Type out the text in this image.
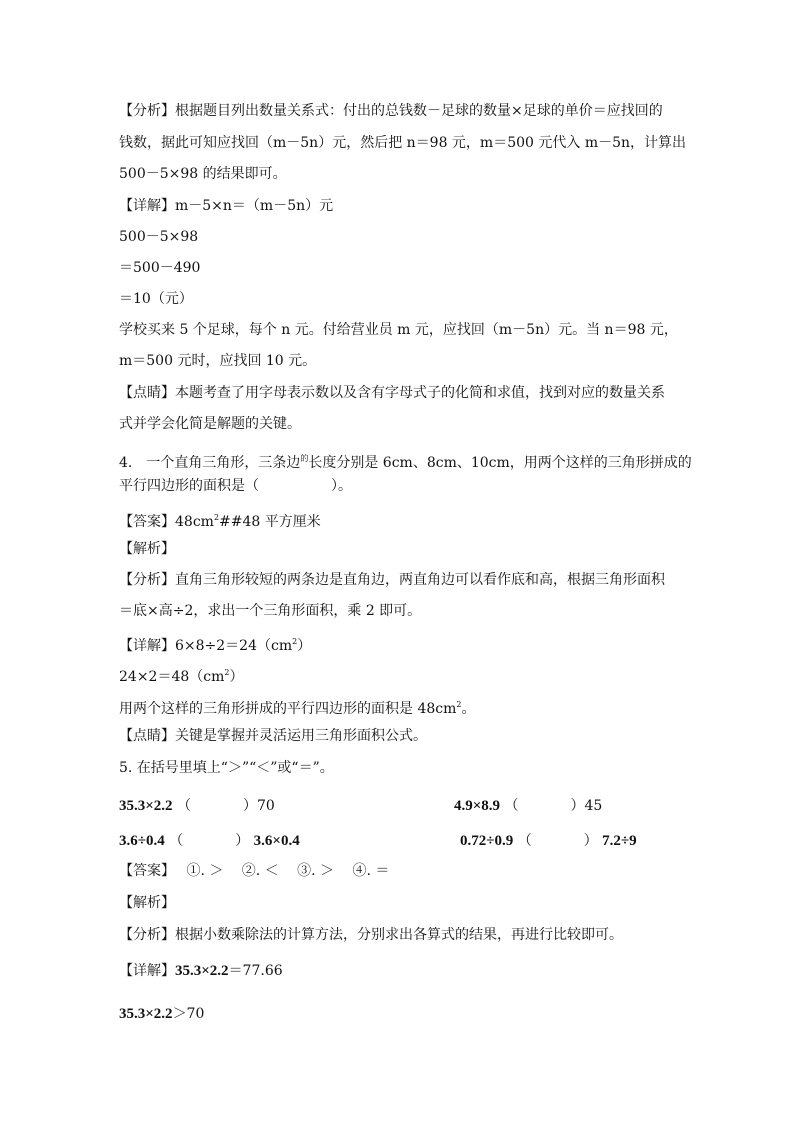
【分析】根据题目列出数量关系式：付出的总钱数－足球的数量×足球的单价＝应找回的
钱数，据此可知应找回（m－5n）元，然后把 n＝98 元，m＝500 元代入 m－5n，计算出
500－5×98 的结果即可。
【详解】m－5×n＝（m－5n）元
500－5×98
＝500－490
＝10（元）
学校买来 5 个足球，每个 n 元。付给营业员 m 元，应找回（m－5n）元。当 n＝98 元，
m＝500 元时，应找回 10 元。
【点睛】本题考查了用字母表示数以及含有字母式子的化简和求值，找到对应的数量关系
式并学会化简是解题的关键。
4.　一个直角三角形，三条边$^的$长度分别是 6cm、8cm、10cm，用两个这样的三角形拼成的
平行四边形的面积是（	）。
【答案】$48cm^2\#\#48$ 平方厘米
【解析】
【分析】直角三角形较短的两条边是直角边，两直角边可以看作底和高，根据三角形面积
＝底×高÷2，求出一个三角形面积，乘 2 即可。
【详解】$6\times 8\div 2=24(cm^2)$
$24\times 2=48(cm^2)$
用两个这样的三角形拼成的平行四边形的面积是 $48cm^2$。
【点睛】关键是掌握并灵活运用三角形面积公式。
5. 在括号里填上“＞”“＜”或“＝”。
35.3×2.2 （	）70	4.9×8.9 （	）45
3.6÷0.4 （	） 3.6×0.4	0.72÷0.9 （	） 7.2÷9
【答案】　 ①. ＞　 ②. ＜　 ③. ＞　 ④. ＝
【解析】
【分析】根据小数乘除法的计算方法，分别求出各算式的结果，再进行比较即可。
【详解】35.3×2.2＝77.66
35.3×2.2＞70
